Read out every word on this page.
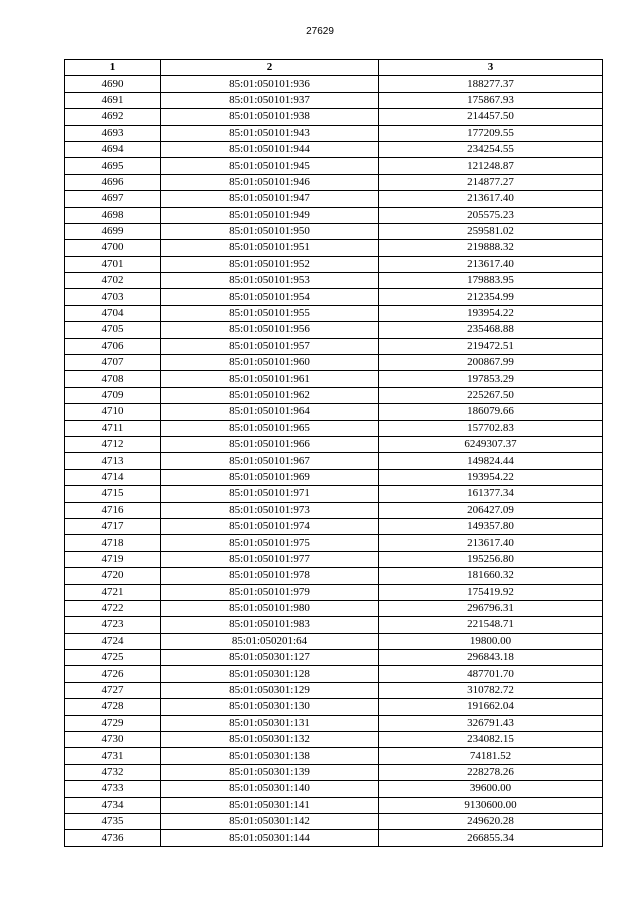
27629
1	2	3
4690	85:01:050101:936	188277.37
4691	85:01:050101:937	175867.93
4692	85:01:050101:938	214457.50
4693	85:01:050101:943	177209.55
4694	85:01:050101:944	234254.55
4695	85:01:050101:945	121248.87
4696	85:01:050101:946	214877.27
4697	85:01:050101:947	213617.40
4698	85:01:050101:949	205575.23
4699	85:01:050101:950	259581.02
4700	85:01:050101:951	219888.32
4701	85:01:050101:952	213617.40
4702	85:01:050101:953	179883.95
4703	85:01:050101:954	212354.99
4704	85:01:050101:955	193954.22
4705	85:01:050101:956	235468.88
4706	85:01:050101:957	219472.51
4707	85:01:050101:960	200867.99
4708	85:01:050101:961	197853.29
4709	85:01:050101:962	225267.50
4710	85:01:050101:964	186079.66
4711	85:01:050101:965	157702.83
4712	85:01:050101:966	6249307.37
4713	85:01:050101:967	149824.44
4714	85:01:050101:969	193954.22
4715	85:01:050101:971	161377.34
4716	85:01:050101:973	206427.09
4717	85:01:050101:974	149357.80
4718	85:01:050101:975	213617.40
4719	85:01:050101:977	195256.80
4720	85:01:050101:978	181660.32
4721	85:01:050101:979	175419.92
4722	85:01:050101:980	296796.31
4723	85:01:050101:983	221548.71
4724	85:01:050201:64	19800.00
4725	85:01:050301:127	296843.18
4726	85:01:050301:128	487701.70
4727	85:01:050301:129	310782.72
4728	85:01:050301:130	191662.04
4729	85:01:050301:131	326791.43
4730	85:01:050301:132	234082.15
4731	85:01:050301:138	74181.52
4732	85:01:050301:139	228278.26
4733	85:01:050301:140	39600.00
4734	85:01:050301:141	9130600.00
4735	85:01:050301:142	249620.28
4736	85:01:050301:144	266855.34
